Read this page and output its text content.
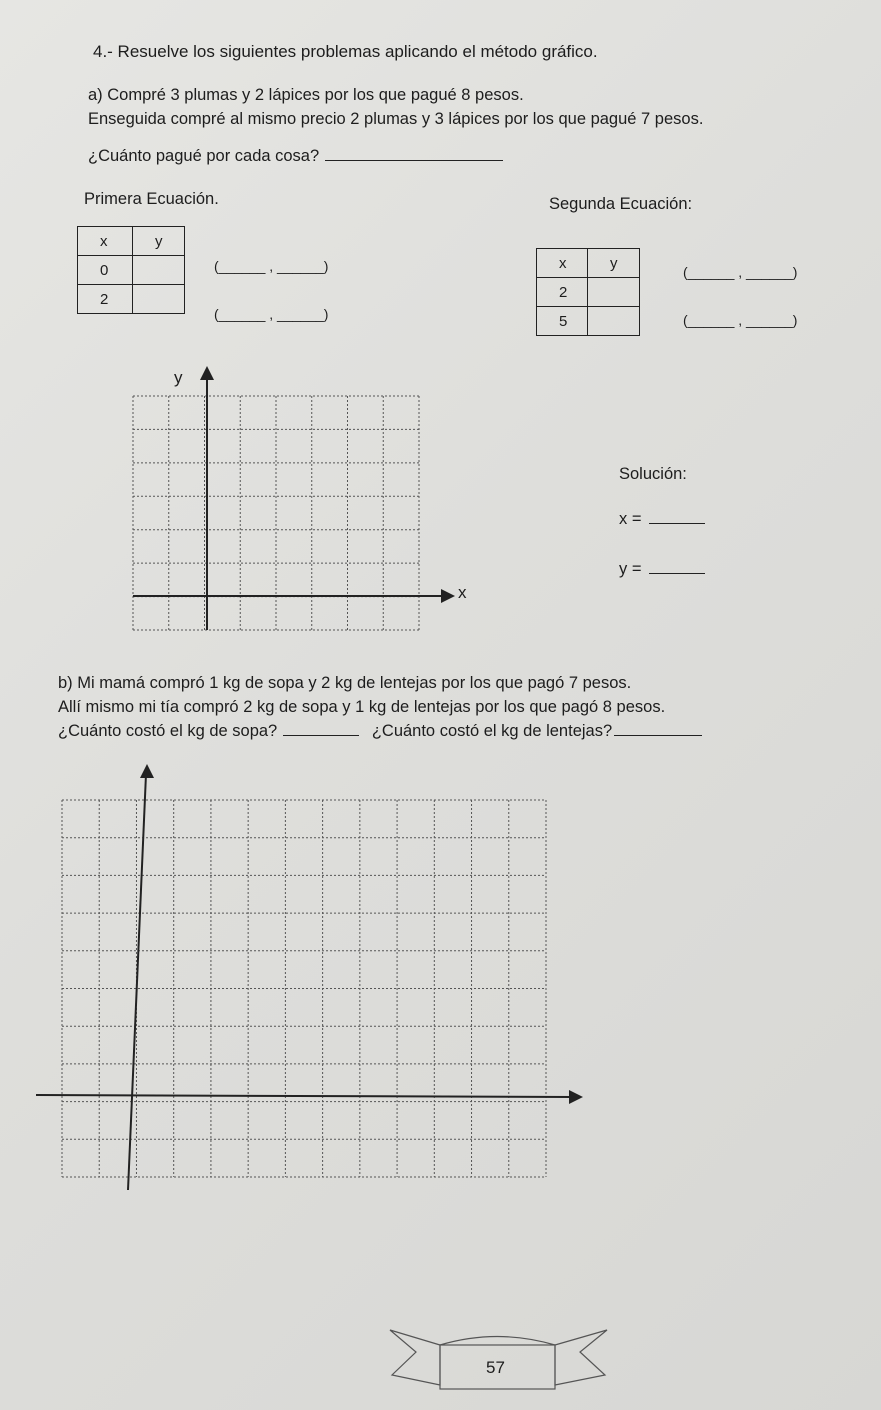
4.- Resuelve los siguientes problemas aplicando el método gráfico.
a) Compré 3 plumas y 2 lápices por los que pagué 8 pesos.
Enseguida compré al mismo precio 2 plumas y 3 lápices por los que pagué 7 pesos.
¿Cuánto pagué por cada cosa?
Primera Ecuación.	Segunda Ecuación:
x	y
0	
2	
(______ , ______)
(______ , ______)
x	y
2	
5	
(______ , ______)
(______ , ______)
y
x
Solución:
x =
y =
b) Mi mamá compró 1 kg de sopa y 2 kg de lentejas por los que pagó 7 pesos.
Allí mismo mi tía compró 2 kg de sopa y 1 kg de lentejas por los que pagó 8 pesos.
¿Cuánto costó el kg de sopa?	¿Cuánto costó el kg de lentejas?
57
